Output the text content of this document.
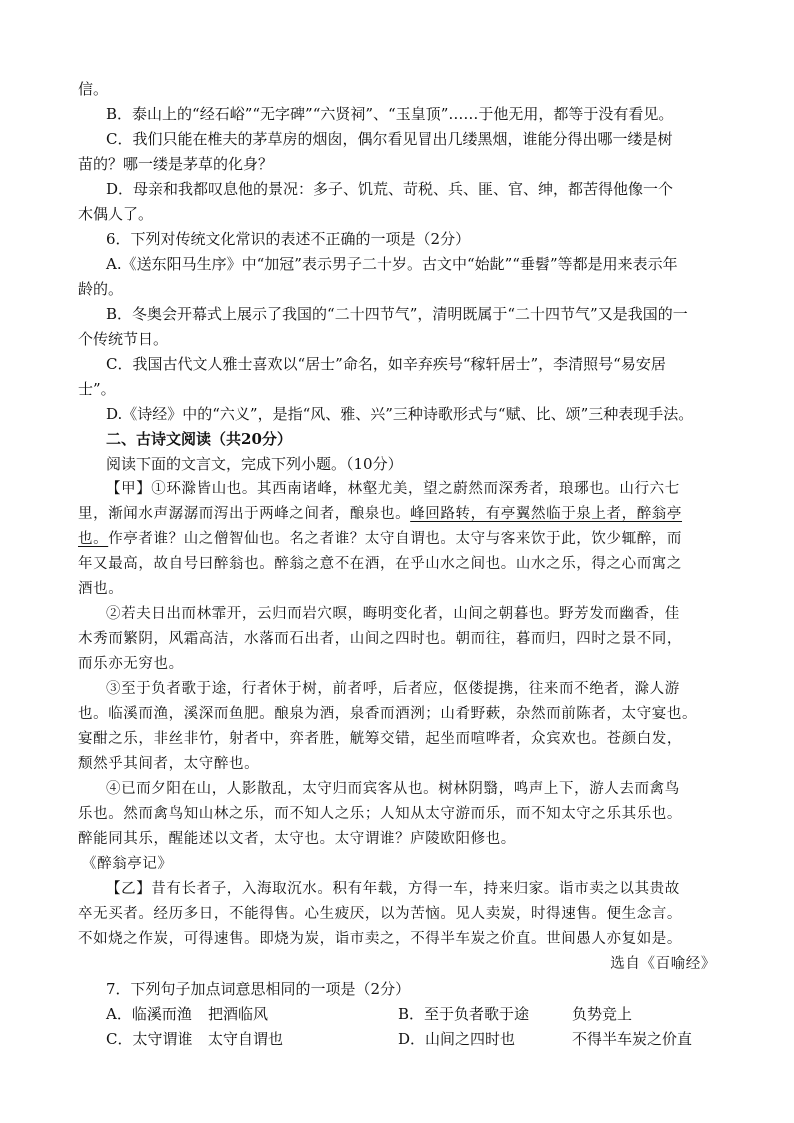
信。
B．泰山上的“经石峪”“无字碑”“六贤祠”、“玉皇顶”……于他无用，都等于没有看见。
C．我们只能在椎夫的茅草房的烟囱，偶尔看见冒出几缕黑烟，谁能分得出哪一缕是树
苗的？哪一缕是茅草的化身？
D．母亲和我都叹息他的景况：多子、饥荒、苛税、兵、匪、官、绅，都苦得他像一个
木偶人了。
6．下列对传统文化常识的表述不正确的一项是（2分）
A.《送东阳马生序》中“加冠”表示男子二十岁。古文中“始龀”“垂髫”等都是用来表示年
龄的。
B．冬奥会开幕式上展示了我国的“二十四节气”，清明既属于“二十四节气”又是我国的一
个传统节日。
C．我国古代文人雅士喜欢以“居士”命名，如辛弃疾号“稼轩居士”，李清照号“易安居
士”。
D.《诗经》中的“六义”，是指“风、雅、兴”三种诗歌形式与“赋、比、颂”三种表现手法。
二、古诗文阅读（共20分）
阅读下面的文言文，完成下列小题。（10分）
【甲】①环滁皆山也。其西南诸峰，林壑尤美，望之蔚然而深秀者，琅琊也。山行六七
里，渐闻水声潺潺而泻出于两峰之间者，酿泉也。峰回路转，有亭翼然临于泉上者，醉翁亭
也。作亭者谁？山之僧智仙也。名之者谁？太守自谓也。太守与客来饮于此，饮少辄醉，而
年又最高，故自号曰醉翁也。醉翁之意不在酒，在乎山水之间也。山水之乐，得之心而寓之
酒也。
②若夫日出而林霏开，云归而岩穴暝，晦明变化者，山间之朝暮也。野芳发而幽香，佳
木秀而繁阴，风霜高洁，水落而石出者，山间之四时也。朝而往，暮而归，四时之景不同，
而乐亦无穷也。
③至于负者歌于途，行者休于树，前者呼，后者应，伛偻提携，往来而不绝者，滁人游
也。临溪而渔，溪深而鱼肥。酿泉为酒，泉香而酒洌；山肴野蔌，杂然而前陈者，太守宴也。
宴酣之乐，非丝非竹，射者中，弈者胜，觥筹交错，起坐而喧哗者，众宾欢也。苍颜白发，
颓然乎其间者，太守醉也。
④已而夕阳在山，人影散乱，太守归而宾客从也。树林阴翳，鸣声上下，游人去而禽鸟
乐也。然而禽鸟知山林之乐，而不知人之乐；人知从太守游而乐，而不知太守之乐其乐也。
醉能同其乐，醒能述以文者，太守也。太守谓谁？庐陵欧阳修也。
《醉翁亭记》
【乙】昔有长者子，入海取沉水。积有年载，方得一车，持来归家。诣市卖之以其贵故
卒无买者。经历多日，不能得售。心生疲厌，以为苦恼。见人卖炭，时得速售。便生念言。
不如烧之作炭，可得速售。即烧为炭，诣市卖之，不得半车炭之价直。世间愚人亦复如是。
选自《百喻经》
7．下列句子加点词意思相同的一项是（2分）
A．临溪而渔 把酒临风	B．至于负者歌于途	负势竞上
C．太守谓谁 太守自谓也	D．山间之四时也	不得半车炭之价直
